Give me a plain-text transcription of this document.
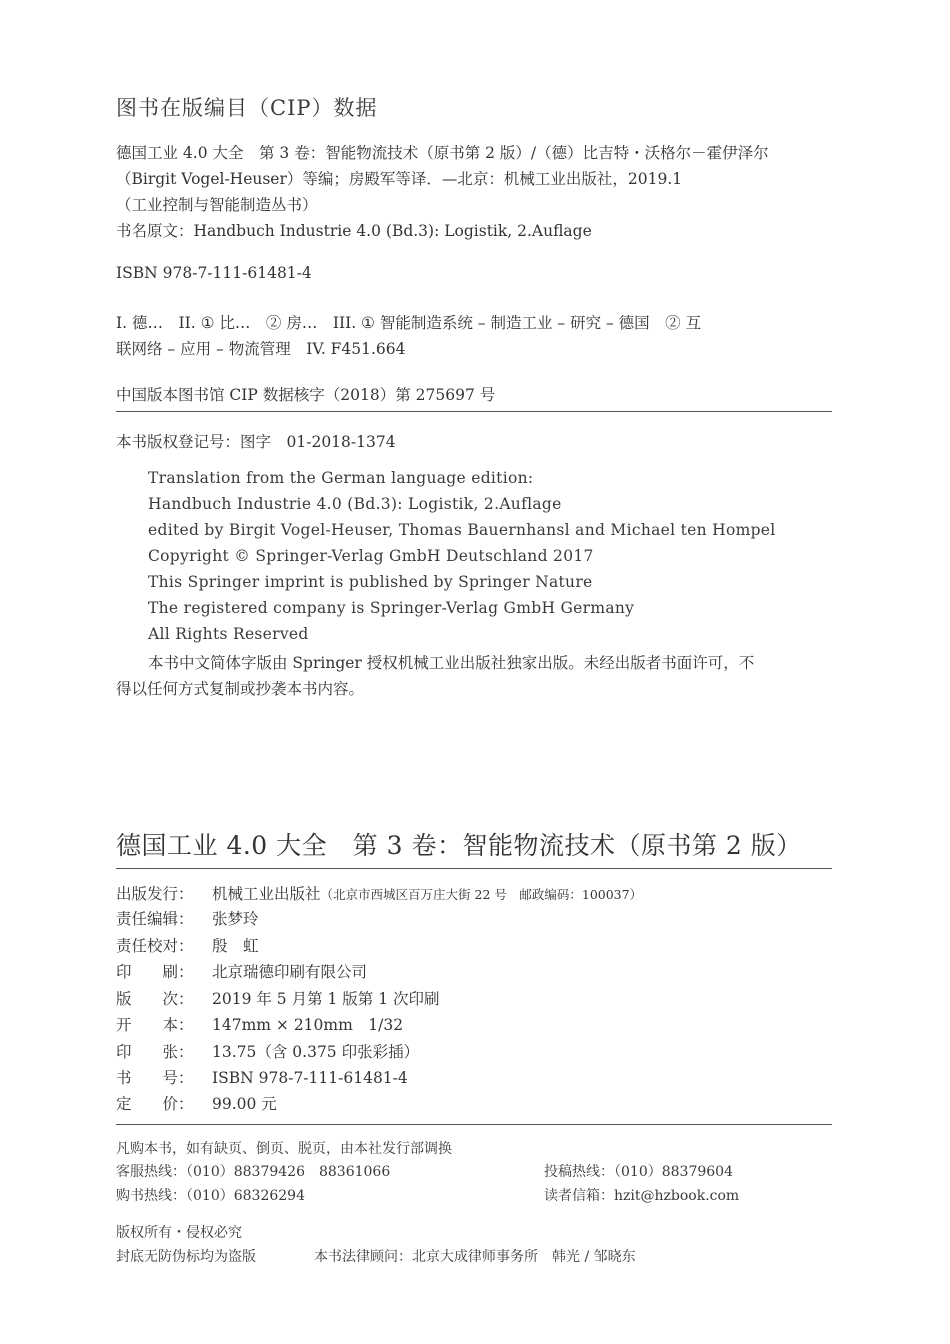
图书在版编目（CIP）数据
德国工业 4.0 大全　第 3 卷：智能物流技术（原书第 2 版）/（德）比吉特・沃格尔－霍伊泽尔
（Birgit Vogel-Heuser）等编；房殿军等译．—北京：机械工业出版社，2019.1
（工业控制与智能制造丛书）
书名原文：Handbuch Industrie 4.0 (Bd.3): Logistik, 2.Auflage
ISBN 978-7-111-61481-4
I. 德…　II. ① 比…　② 房…　III. ① 智能制造系统 – 制造工业 – 研究 – 德国　② 互
联网络 – 应用 – 物流管理　IV. F451.664
中国版本图书馆 CIP 数据核字（2018）第 275697 号
本书版权登记号：图字　01-2018-1374
Translation from the German language edition:
Handbuch Industrie 4.0 (Bd.3): Logistik, 2.Auflage
edited by Birgit Vogel-Heuser, Thomas Bauernhansl and Michael ten Hompel
Copyright © Springer-Verlag GmbH Deutschland 2017
This Springer imprint is published by Springer Nature
The registered company is Springer-Verlag GmbH Germany
All Rights Reserved
本书中文简体字版由 Springer 授权机械工业出版社独家出版。未经出版者书面许可，不
得以任何方式复制或抄袭本书内容。
德国工业 4.0 大全　第 3 卷：智能物流技术（原书第 2 版）
出版发行： 机械工业出版社（北京市西城区百万庄大街 22 号　邮政编码：100037）
责任编辑： 张梦玲
责任校对： 殷　虹
印　　刷： 北京瑞德印刷有限公司
版　　次： 2019 年 5 月第 1 版第 1 次印刷
开　　本： 147mm × 210mm　1/32
印　　张： 13.75（含 0.375 印张彩插）
书　　号： ISBN 978-7-111-61481-4
定　　价： 99.00 元
凡购本书，如有缺页、倒页、脱页，由本社发行部调换
客服热线：（010）88379426　88361066	投稿热线：（010）88379604
购书热线：（010）68326294	读者信箱：hzit@hzbook.com
版权所有・侵权必究
封底无防伪标均为盗版	本书法律顾问：北京大成律师事务所　韩光 / 邹晓东
